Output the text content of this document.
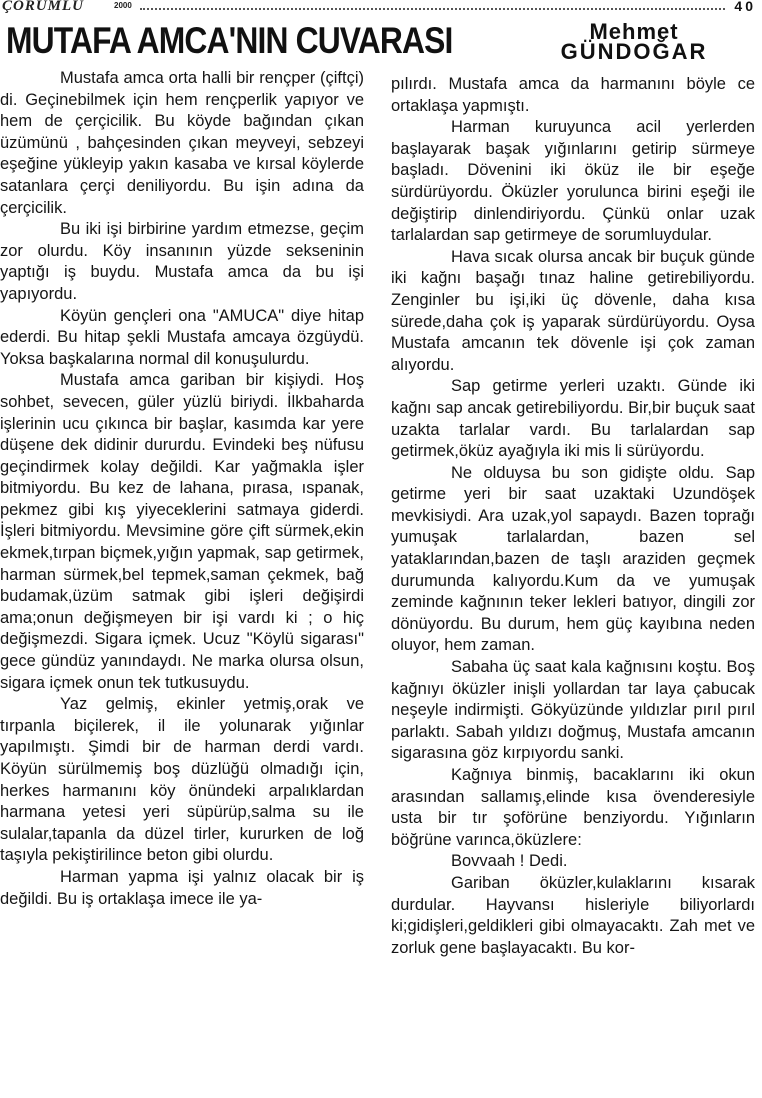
ÇORUMLU	2000	40
MUTAFA AMCA'NIN CUVARASI	Mehmet
GÜNDOĞAR

Mustafa amca orta halli bir rençper (çiftçi) di. Geçinebilmek için hem rençperlik yapıyor ve hem de çerçicilik. Bu köyde bağından çıkan üzümünü , bahçesinden çıkan meyveyi, sebzeyi eşeğine yükleyip yakın kasaba ve kırsal köylerde satanlara çerçi deniliyordu. Bu işin adına da çerçicilik.

Bu iki işi birbirine yardım etmezse, geçim zor olurdu. Köy insanının yüzde sekseninin yaptığı iş buydu. Mustafa amca da bu işi yapıyordu.

Köyün gençleri ona "AMUCA" diye hitap ederdi. Bu hitap şekli Mustafa amcaya özgüydü. Yoksa başkalarına normal dil konuşulurdu.

Mustafa amca gariban bir kişiydi. Hoş sohbet, sevecen, güler yüzlü biriydi. İlkbaharda işlerinin ucu çıkınca bir başlar, kasımda kar yere düşene dek didinir dururdu. Evindeki beş nüfusu geçindirmek kolay değildi. Kar yağmakla işler bitmiyordu. Bu kez de lahana, pırasa, ıspanak, pekmez gibi kış yiyeceklerini satmaya giderdi. İşleri bitmiyordu. Mevsimine göre çift sürmek,ekin ekmek,tırpan biçmek,yığın yapmak, sap getirmek, harman sürmek,bel tepmek,saman çekmek, bağ budamak,üzüm satmak gibi işleri değişirdi ama;onun değişmeyen bir işi vardı ki ; o hiç değişmezdi. Sigara içmek. Ucuz "Köylü sigarası" gece gündüz yanındaydı. Ne marka olursa olsun, sigara içmek onun tek tutkusuydu.

Yaz gelmiş, ekinler yetmiş,orak ve tırpanla biçilerek, il ile yolunarak yığınlar yapılmıştı. Şimdi bir de harman derdi vardı. Köyün sürülmemiş boş düzlüğü olmadığı için, herkes harmanını köy önündeki arpalıklardan harmana yetesi yeri süpürüp,salma su ile sulalar,tapanla da düzel tirler, kururken de loğ taşıyla pekiştirilince beton gibi olurdu.

Harman yapma işi yalnız olacak bir iş değildi. Bu iş ortaklaşa imece ile ya-

pılırdı. Mustafa amca da harmanını böyle ce ortaklaşa yapmıştı.

Harman kuruyunca acil yerlerden başlayarak başak yığınlarını getirip sürmeye başladı. Dövenini iki öküz ile bir eşeğe sürdürüyordu. Öküzler yorulunca birini eşeği ile değiştirip dinlendiriyordu. Çünkü onlar uzak tarlalardan sap getirmeye de sorumluydular.

Hava sıcak olursa ancak bir buçuk günde iki kağnı başağı tınaz haline getirebiliyordu. Zenginler bu işi,iki üç dövenle, daha kısa sürede,daha çok iş yaparak sürdürüyordu. Oysa Mustafa amcanın tek dövenle işi çok zaman alıyordu.

Sap getirme yerleri uzaktı. Günde iki kağnı sap ancak getirebiliyordu. Bir,bir buçuk saat uzakta tarlalar vardı. Bu tarlalardan sap getirmek,öküz ayağıyla iki mis li sürüyordu.

Ne olduysa bu son gidişte oldu. Sap getirme yeri bir saat uzaktaki Uzundöşek mevkisiydi. Ara uzak,yol sapaydı. Bazen toprağı yumuşak tarlalardan, bazen sel yataklarından,bazen de taşlı araziden geçmek durumunda kalıyordu.Kum da ve yumuşak zeminde kağnının teker lekleri batıyor, dingili zor dönüyordu. Bu durum, hem güç kayıbına neden oluyor, hem zaman.

Sabaha üç saat kala kağnısını koştu. Boş kağnıyı öküzler inişli yollardan tar laya çabucak neşeyle indirmişti. Gökyüzünde yıldızlar pırıl pırıl parlaktı. Sabah yıldızı doğmuş, Mustafa amcanın sigarasına göz kırpıyordu sanki.

Kağnıya binmiş, bacaklarını iki okun arasından sallamış,elinde kısa övenderesiyle usta bir tır şoförüne benziyordu. Yığınların böğrüne varınca,öküzlere:

Bovvaah ! Dedi.

Gariban öküzler,kulaklarını kısarak durdular. Hayvansı hisleriyle biliyorlardı ki;gidişleri,geldikleri gibi olmayacaktı. Zah met ve zorluk gene başlayacaktı. Bu kor-
